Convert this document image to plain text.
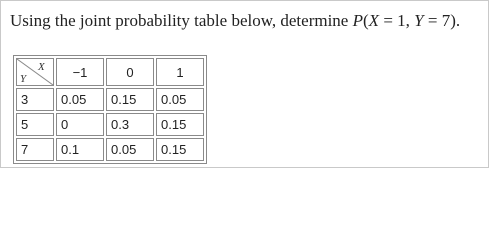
Using the joint probability table below, determine P(X = 1, Y = 7).
X
Y	−1	0	1
3	0.05	0.15	0.05
5	0	0.3	0.15
7	0.1	0.05	0.15
